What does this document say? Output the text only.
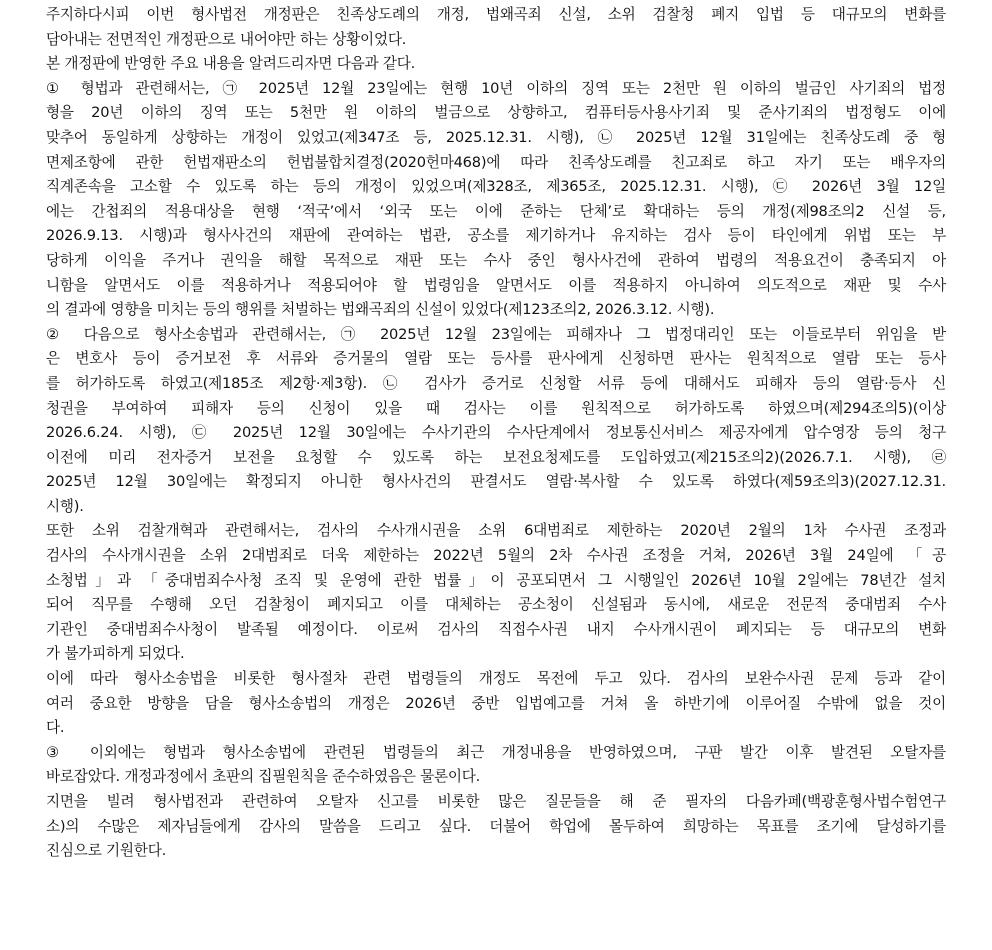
주지하다시피 이번 형사법전 개정판은 친족상도례의 개정, 법왜곡죄 신설, 소위 검찰청 폐지 입법 등 대규모의 변화를
담아내는 전면적인 개정판으로 내어야만 하는 상황이었다.
본 개정판에 반영한 주요 내용을 알려드리자면 다음과 같다.
① 형법과 관련해서는, ㉠ 2025년 12월 23일에는 현행 10년 이하의 징역 또는 2천만 원 이하의 벌금인 사기죄의 법정
형을 20년 이하의 징역 또는 5천만 원 이하의 벌금으로 상향하고, 컴퓨터등사용사기죄 및 준사기죄의 법정형도 이에
맞추어 동일하게 상향하는 개정이 있었고(제347조 등, 2025.12.31. 시행), ㉡ 2025년 12월 31일에는 친족상도례 중 형
면제조항에 관한 헌법재판소의 헌법불합치결정(2020헌마468)에 따라 친족상도례를 친고죄로 하고 자기 또는 배우자의
직계존속을 고소할 수 있도록 하는 등의 개정이 있었으며(제328조, 제365조, 2025.12.31. 시행), ㉢ 2026년 3월 12일
에는 간첩죄의 적용대상을 현행 ‘적국’에서 ‘외국 또는 이에 준하는 단체’로 확대하는 등의 개정(제98조의2 신설 등,
2026.9.13. 시행)과 형사사건의 재판에 관여하는 법관, 공소를 제기하거나 유지하는 검사 등이 타인에게 위법 또는 부
당하게 이익을 주거나 권익을 해할 목적으로 재판 또는 수사 중인 형사사건에 관하여 법령의 적용요건이 충족되지 아
니함을 알면서도 이를 적용하거나 적용되어야 할 법령임을 알면서도 이를 적용하지 아니하여 의도적으로 재판 및 수사
의 결과에 영향을 미치는 등의 행위를 처벌하는 법왜곡죄의 신설이 있었다(제123조의2, 2026.3.12. 시행).
② 다음으로 형사소송법과 관련해서는, ㉠ 2025년 12월 23일에는 피해자나 그 법정대리인 또는 이들로부터 위임을 받
은 변호사 등이 증거보전 후 서류와 증거물의 열람 또는 등사를 판사에게 신청하면 판사는 원칙적으로 열람 또는 등사
를 허가하도록 하였고(제185조 제2항·제3항). ㉡ 검사가 증거로 신청할 서류 등에 대해서도 피해자 등의 열람·등사 신
청권을 부여하여 피해자 등의 신청이 있을 때 검사는 이를 원칙적으로 허가하도록 하였으며(제294조의5)(이상
2026.6.24. 시행), ㉢ 2025년 12월 30일에는 수사기관의 수사단계에서 정보통신서비스 제공자에게 압수영장 등의 청구
이전에 미리 전자증거 보전을 요청할 수 있도록 하는 보전요청제도를 도입하였고(제215조의2)(2026.7.1. 시행), ㉣
2025년 12월 30일에는 확정되지 아니한 형사사건의 판결서도 열람·복사할 수 있도록 하였다(제59조의3)(2027.12.31.
시행).
또한 소위 검찰개혁과 관련해서는, 검사의 수사개시권을 소위 6대범죄로 제한하는 2020년 2월의 1차 수사권 조정과
검사의 수사개시권을 소위 2대범죄로 더욱 제한하는 2022년 5월의 2차 수사권 조정을 거쳐, 2026년 3월 24일에 「공
소청법」과 「중대범죄수사청 조직 및 운영에 관한 법률」이 공포되면서 그 시행일인 2026년 10월 2일에는 78년간 설치
되어 직무를 수행해 오던 검찰청이 폐지되고 이를 대체하는 공소청이 신설됨과 동시에, 새로운 전문적 중대범죄 수사
기관인 중대범죄수사청이 발족될 예정이다. 이로써 검사의 직접수사권 내지 수사개시권이 폐지되는 등 대규모의 변화
가 불가피하게 되었다.
이에 따라 형사소송법을 비롯한 형사절차 관련 법령들의 개정도 목전에 두고 있다. 검사의 보완수사권 문제 등과 같이
여러 중요한 방향을 담을 형사소송법의 개정은 2026년 중반 입법예고를 거쳐 올 하반기에 이루어질 수밖에 없을 것이
다.
③ 이외에는 형법과 형사소송법에 관련된 법령들의 최근 개정내용을 반영하였으며, 구판 발간 이후 발견된 오탈자를
바로잡았다. 개정과정에서 초판의 집필원칙을 준수하였음은 물론이다.
지면을 빌려 형사법전과 관련하여 오탈자 신고를 비롯한 많은 질문들을 해 준 필자의 다음카페(백광훈형사법수험연구
소)의 수많은 제자님들에게 감사의 말씀을 드리고 싶다. 더불어 학업에 몰두하여 희망하는 목표를 조기에 달성하기를
진심으로 기원한다.
